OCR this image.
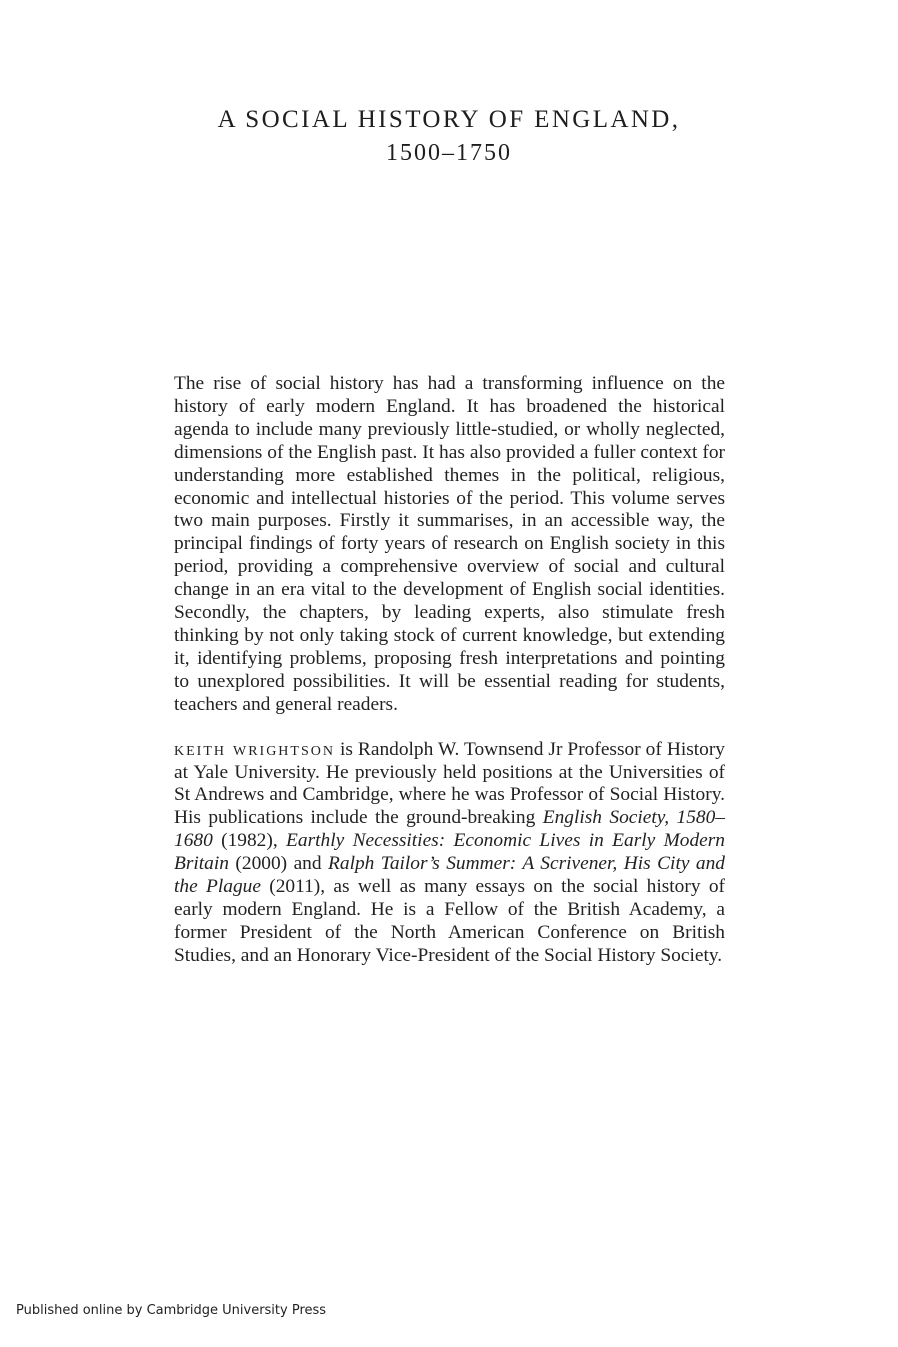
A SOCIAL HISTORY OF ENGLAND,
1500–1750

The rise of social history has had a transforming influence on the history of early modern England. It has broadened the historical agenda to include many previously little-studied, or wholly neglected, dimensions of the English past. It has also provided a fuller context for understanding more established themes in the political, religious, economic and intellectual histories of the period. This volume serves two main purposes. Firstly it summarises, in an accessible way, the principal findings of forty years of research on English society in this period, providing a comprehensive overview of social and cultural change in an era vital to the development of English social identities. Secondly, the chapters, by leading experts, also stimulate fresh thinking by not only taking stock of current knowledge, but extending it, identifying problems, proposing fresh interpretations and pointing to unexplored possibilities. It will be essential reading for students, teachers and general readers.

keith wrightson is Randolph W. Townsend Jr Professor of History at Yale University. He previously held positions at the Universities of St Andrews and Cambridge, where he was Professor of Social History. His publications include the ground-breaking English Society, 1580–1680 (1982), Earthly Necessities: Economic Lives in Early Modern Britain (2000) and Ralph Tailor’s Summer: A Scrivener, His City and the Plague (2011), as well as many essays on the social history of early modern England. He is a Fellow of the British Academy, a former President of the North American Conference on British Studies, and an Honorary Vice-President of the Social History Society.

Published online by Cambridge University Press
